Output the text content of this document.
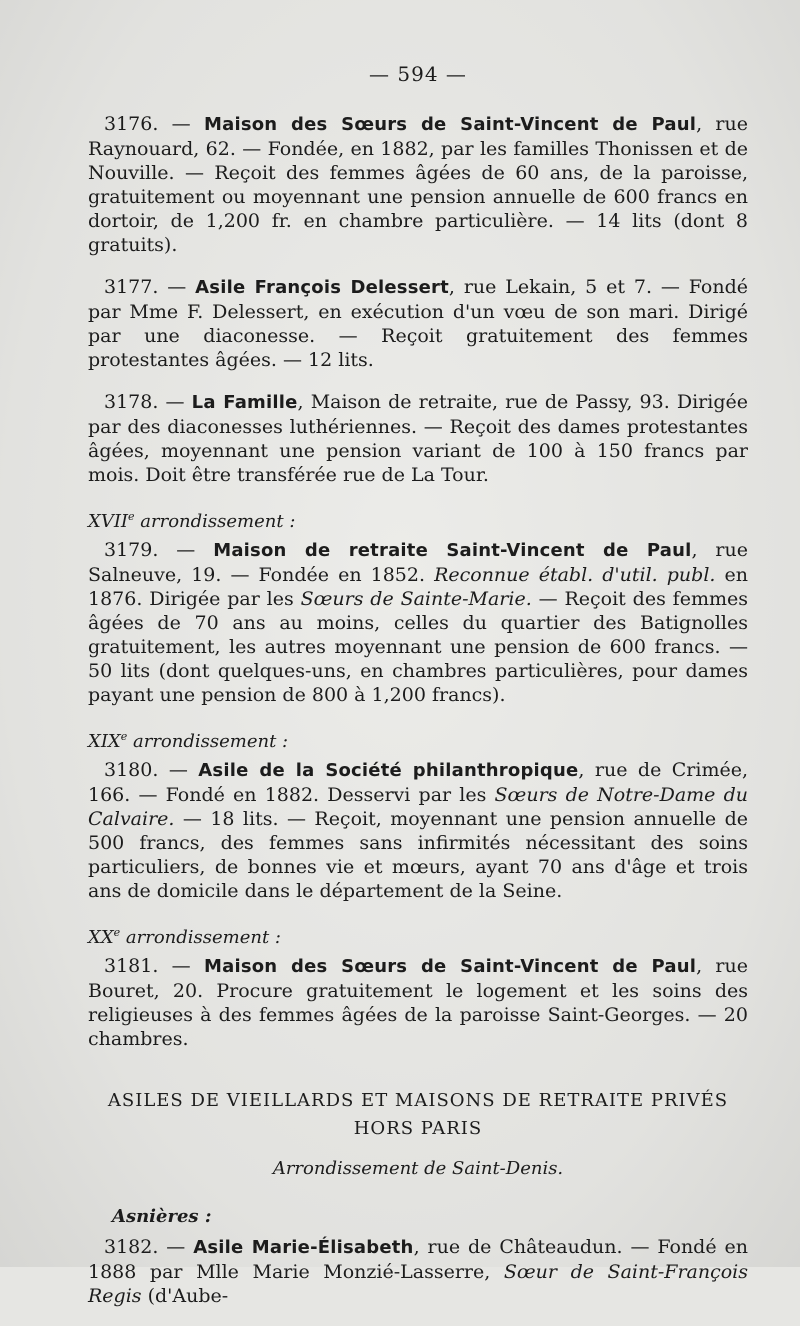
— 594 —

3176. — Maison des Sœurs de Saint-Vincent de Paul, rue Raynouard, 62. — Fondée, en 1882, par les familles Thonissen et de Nouville. — Reçoit des femmes âgées de 60 ans, de la paroisse, gratuitement ou moyennant une pension annuelle de 600 francs en dortoir, de 1,200 fr. en chambre particulière. — 14 lits (dont 8 gratuits).

3177. — Asile François Delessert, rue Lekain, 5 et 7. — Fondé par Mme F. Delessert, en exécution d'un vœu de son mari. Dirigé par une diaconesse. — Reçoit gratuitement des femmes protestantes âgées. — 12 lits.

3178. — La Famille, Maison de retraite, rue de Passy, 93. Dirigée par des diaconesses luthériennes. — Reçoit des dames protestantes âgées, moyennant une pension variant de 100 à 150 francs par mois. Doit être transférée rue de La Tour.

XVIIe arrondissement :

3179. — Maison de retraite Saint-Vincent de Paul, rue Salneuve, 19. — Fondée en 1852. Reconnue établ. d'util. publ. en 1876. Dirigée par les Sœurs de Sainte-Marie. — Reçoit des femmes âgées de 70 ans au moins, celles du quartier des Batignolles gratuitement, les autres moyennant une pension de 600 francs. — 50 lits (dont quelques-uns, en chambres particulières, pour dames payant une pension de 800 à 1,200 francs).

XIXe arrondissement :

3180. — Asile de la Société philanthropique, rue de Crimée, 166. — Fondé en 1882. Desservi par les Sœurs de Notre-Dame du Calvaire. — 18 lits. — Reçoit, moyennant une pension annuelle de 500 francs, des femmes sans infirmités nécessitant des soins particuliers, de bonnes vie et mœurs, ayant 70 ans d'âge et trois ans de domicile dans le département de la Seine.

XXe arrondissement :

3181. — Maison des Sœurs de Saint-Vincent de Paul, rue Bouret, 20. Procure gratuitement le logement et les soins des religieuses à des femmes âgées de la paroisse Saint-Georges. — 20 chambres.

ASILES DE VIEILLARDS ET MAISONS DE RETRAITE PRIVÉS
HORS PARIS
Arrondissement de Saint-Denis.
Asnières :

3182. — Asile Marie-Élisabeth, rue de Châteaudun. — Fondé en 1888 par Mlle Marie Monzié-Lasserre, Sœur de Saint-François Regis (d'Aube-
